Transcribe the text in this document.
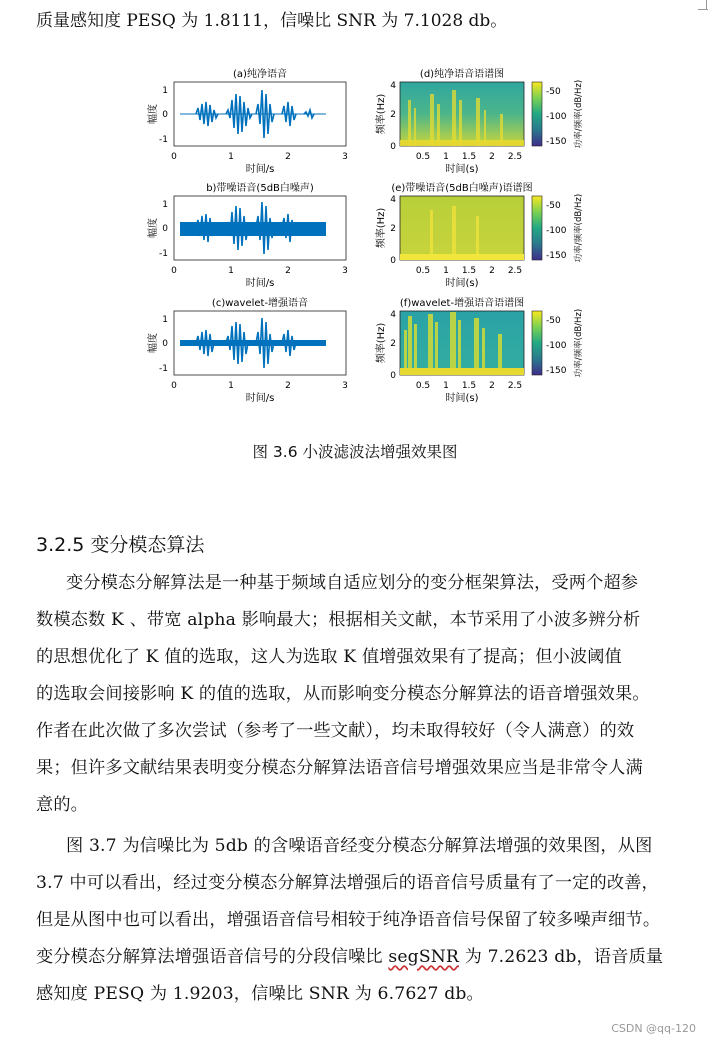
质量感知度 PESQ 为 1.8111，信噪比 SNR 为 7.1028 db。
(a)纯净语音
幅度
1
0
-1
0	1	2	3
时间/s
b)带噪语音(5dB白噪声)
幅度
1
0
-1
0	1	2	3
时间/s
(c)wavelet-增强语音
幅度
1
0
-1
0	1	2	3
时间/s
(d)纯净语音语谱图
频率(Hz)
4
2
0
0.5 1 1.5 2 2.5
时间(s)
-50
-100
-150 功率/频率(dB/Hz)
(e)带噪语音(5dB白噪声)语谱图
频率(Hz)
4
2
0
0.5 1 1.5 2 2.5
时间(s)
-50
-100
-150 功率/频率(dB/Hz)
(f)wavelet-增强语音语谱图
频率(Hz)
4
2
0
0.5 1 1.5 2 2.5
时间(s)
-50
-100
-150 功率/频率(dB/Hz)
图 3.6 小波滤波法增强效果图
3.2.5 变分模态算法
变分模态分解算法是一种基于频域自适应划分的变分框架算法，受两个超参
数模态数 K 、带宽 alpha 影响最大；根据相关文献，本节采用了小波多辨分析
的思想优化了 K 值的选取，这人为选取 K 值增强效果有了提高；但小波阈值
的选取会间接影响 K 的值的选取，从而影响变分模态分解算法的语音增强效果。
作者在此次做了多次尝试（参考了一些文献），均未取得较好（令人满意）的效
果；但许多文献结果表明变分模态分解算法语音信号增强效果应当是非常令人满
意的。
图 3.7 为信噪比为 5db 的含噪语音经变分模态分解算法增强的效果图，从图
3.7 中可以看出，经过变分模态分解算法增强后的语音信号质量有了一定的改善，
但是从图中也可以看出，增强语音信号相较于纯净语音信号保留了较多噪声细节。
变分模态分解算法增强语音信号的分段信噪比 segSNR 为 7.2623 db，语音质量
感知度 PESQ 为 1.9203，信噪比 SNR 为 6.7627 db。
CSDN @qq-120
